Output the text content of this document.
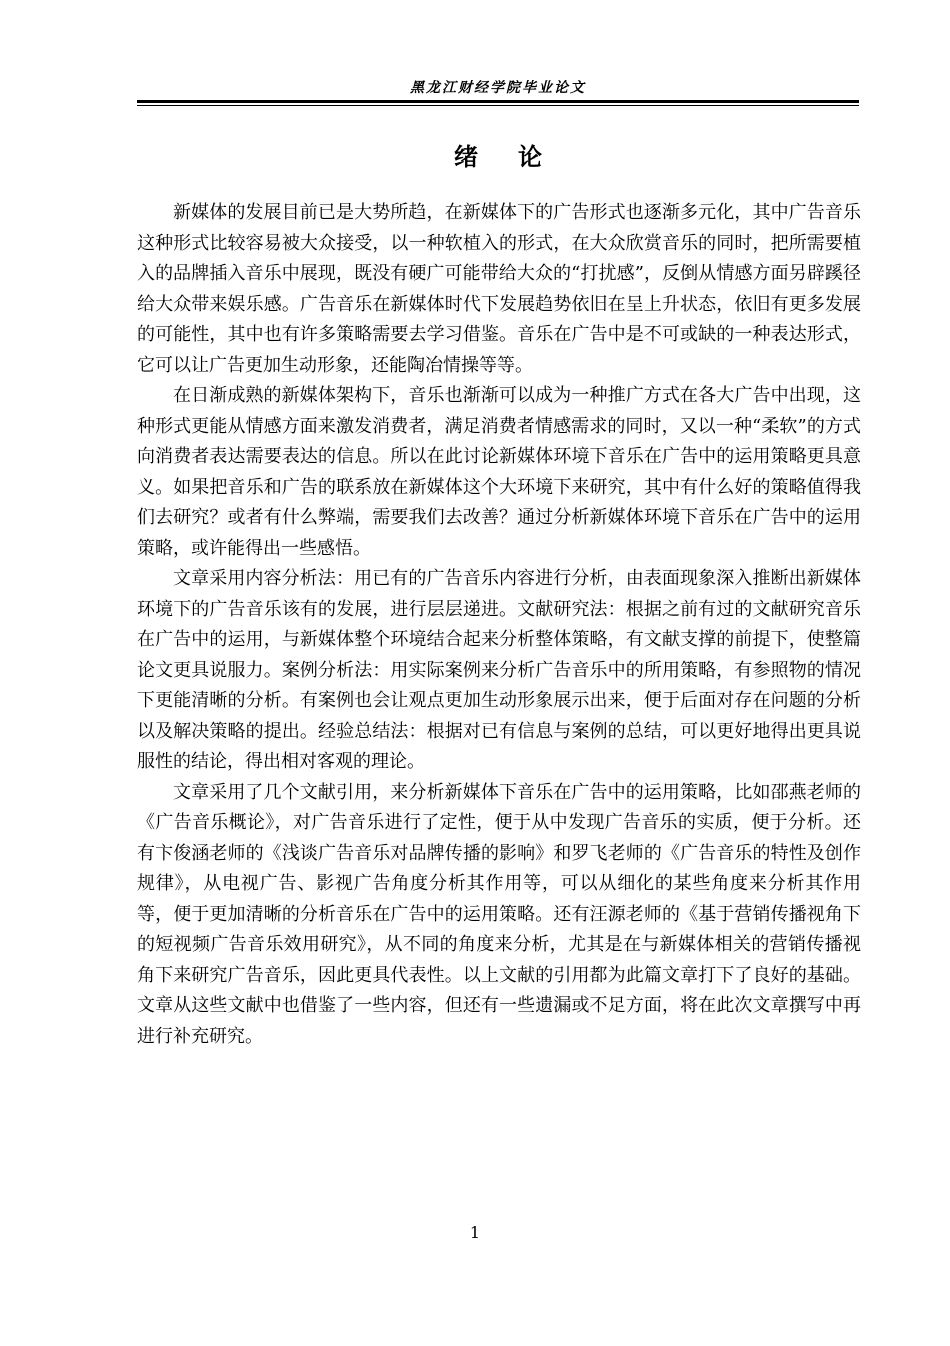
黑龙江财经学院毕业论文
绪论

新媒体的发展目前已是大势所趋，在新媒体下的广告形式也逐渐多元化，其中广告音乐这种形式比较容易被大众接受，以一种软植入的形式，在大众欣赏音乐的同时，把所需要植入的品牌插入音乐中展现，既没有硬广可能带给大众的“打扰感”，反倒从情感方面另辟蹊径给大众带来娱乐感。广告音乐在新媒体时代下发展趋势依旧在呈上升状态，依旧有更多发展的可能性，其中也有许多策略需要去学习借鉴。音乐在广告中是不可或缺的一种表达形式，它可以让广告更加生动形象，还能陶冶情操等等。

在日渐成熟的新媒体架构下，音乐也渐渐可以成为一种推广方式在各大广告中出现，这种形式更能从情感方面来激发消费者，满足消费者情感需求的同时，又以一种“柔软”的方式向消费者表达需要表达的信息。所以在此讨论新媒体环境下音乐在广告中的运用策略更具意义。如果把音乐和广告的联系放在新媒体这个大环境下来研究，其中有什么好的策略值得我们去研究？或者有什么弊端，需要我们去改善？通过分析新媒体环境下音乐在广告中的运用策略，或许能得出一些感悟。

文章采用内容分析法：用已有的广告音乐内容进行分析，由表面现象深入推断出新媒体环境下的广告音乐该有的发展，进行层层递进。文献研究法：根据之前有过的文献研究音乐在广告中的运用，与新媒体整个环境结合起来分析整体策略，有文献支撑的前提下，使整篇论文更具说服力。案例分析法：用实际案例来分析广告音乐中的所用策略，有参照物的情况下更能清晰的分析。有案例也会让观点更加生动形象展示出来，便于后面对存在问题的分析以及解决策略的提出。经验总结法：根据对已有信息与案例的总结，可以更好地得出更具说服性的结论，得出相对客观的理论。

文章采用了几个文献引用，来分析新媒体下音乐在广告中的运用策略，比如邵燕老师的《广告音乐概论》，对广告音乐进行了定性，便于从中发现广告音乐的实质，便于分析。还有卞俊涵老师的《浅谈广告音乐对品牌传播的影响》和罗飞老师的《广告音乐的特性及创作规律》，从电视广告、影视广告角度分析其作用等，可以从细化的某些角度来分析其作用等，便于更加清晰的分析音乐在广告中的运用策略。还有汪源老师的《基于营销传播视角下的短视频广告音乐效用研究》，从不同的角度来分析，尤其是在与新媒体相关的营销传播视角下来研究广告音乐，因此更具代表性。以上文献的引用都为此篇文章打下了良好的基础。文章从这些文献中也借鉴了一些内容，但还有一些遗漏或不足方面，将在此次文章撰写中再进行补充研究。

1
